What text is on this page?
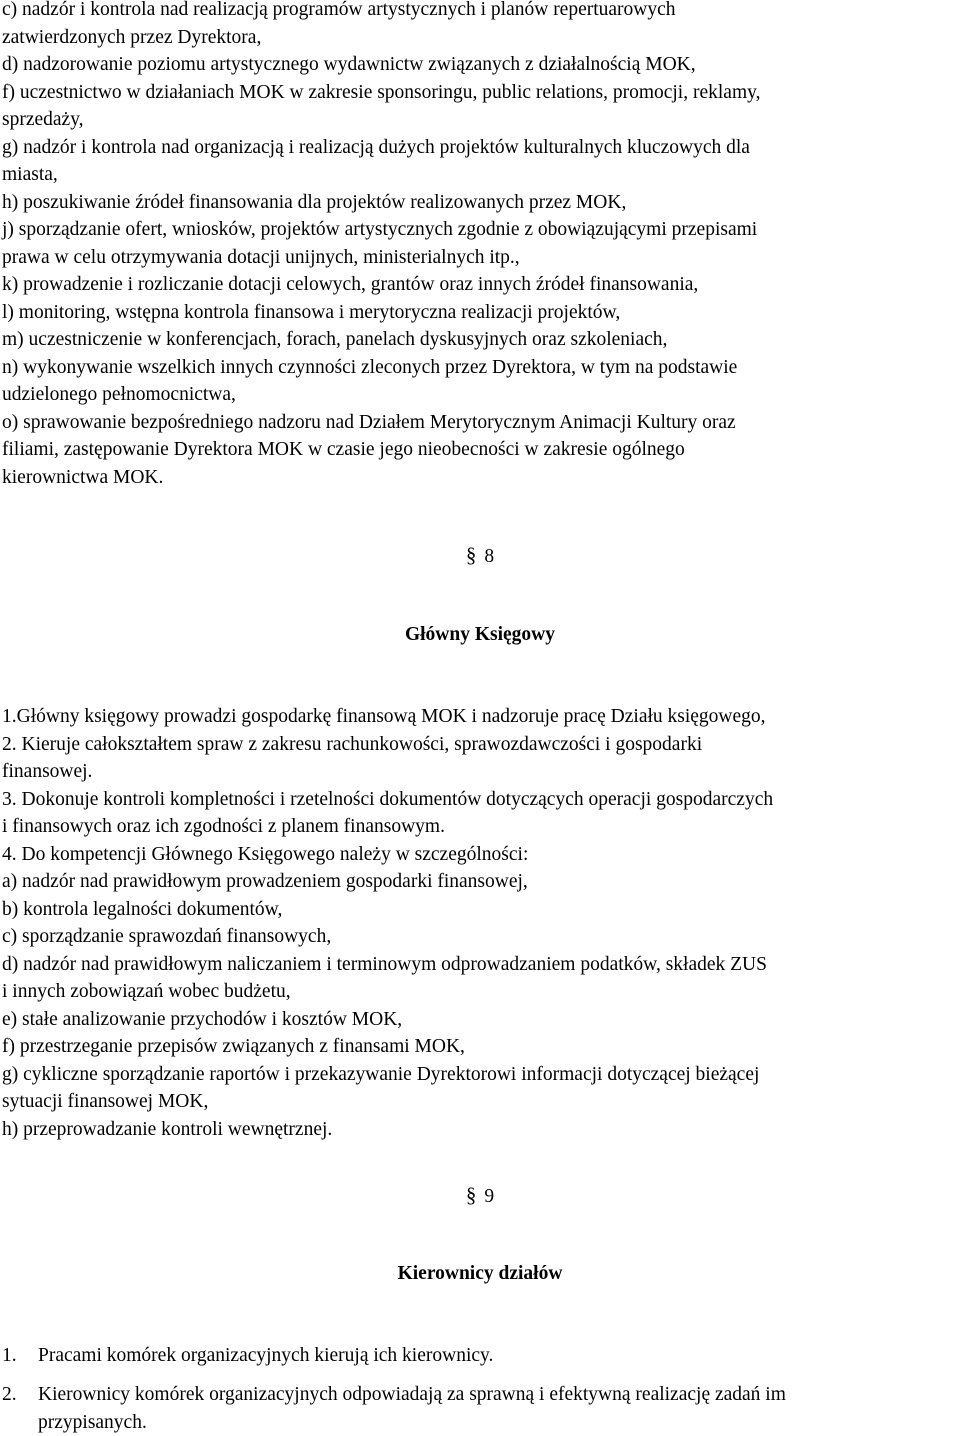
c) nadzór i kontrola nad realizacją programów artystycznych i planów repertuarowych
zatwierdzonych przez Dyrektora,
d) nadzorowanie poziomu artystycznego wydawnictw związanych z działalnością MOK,
f) uczestnictwo w działaniach MOK w zakresie sponsoringu, public relations, promocji, reklamy,
sprzedaży,
g) nadzór i kontrola nad organizacją i realizacją dużych projektów kulturalnych kluczowych dla
miasta,
h) poszukiwanie źródeł finansowania dla projektów realizowanych przez MOK,
j) sporządzanie ofert, wniosków, projektów artystycznych zgodnie z obowiązującymi przepisami
prawa w celu otrzymywania dotacji unijnych, ministerialnych itp.,
k) prowadzenie i rozliczanie dotacji celowych, grantów oraz innych źródeł finansowania,
l) monitoring, wstępna kontrola finansowa i merytoryczna realizacji projektów,
m) uczestniczenie w konferencjach, forach, panelach dyskusyjnych oraz szkoleniach,
n) wykonywanie wszelkich innych czynności zleconych przez Dyrektora, w tym na podstawie
udzielonego pełnomocnictwa,
o) sprawowanie bezpośredniego nadzoru nad Działem Merytorycznym Animacji Kultury oraz
filiami, zastępowanie Dyrektora MOK w czasie jego nieobecności w zakresie ogólnego
kierownictwa MOK.
§ 8
Główny Księgowy
1.Główny księgowy prowadzi gospodarkę finansową MOK i nadzoruje pracę Działu księgowego,
2. Kieruje całokształtem spraw z zakresu rachunkowości, sprawozdawczości i gospodarki
finansowej.
3. Dokonuje kontroli kompletności i rzetelności dokumentów dotyczących operacji gospodarczych
i finansowych oraz ich zgodności z planem finansowym.
4. Do kompetencji Głównego Księgowego należy w szczególności:
a) nadzór nad prawidłowym prowadzeniem gospodarki finansowej,
b) kontrola legalności dokumentów,
c) sporządzanie sprawozdań finansowych,
d) nadzór nad prawidłowym naliczaniem i terminowym odprowadzaniem podatków, składek ZUS
i innych zobowiązań wobec budżetu,
e) stałe analizowanie przychodów i kosztów MOK,
f) przestrzeganie przepisów związanych z finansami MOK,
g) cykliczne sporządzanie raportów i przekazywanie Dyrektorowi informacji dotyczącej bieżącej
sytuacji finansowej MOK,
h) przeprowadzanie kontroli wewnętrznej.
§ 9
Kierownicy działów
1.	Pracami komórek organizacyjnych kierują ich kierownicy.
2.	Kierownicy komórek organizacyjnych odpowiadają za sprawną i efektywną realizację zadań im
przypisanych.
